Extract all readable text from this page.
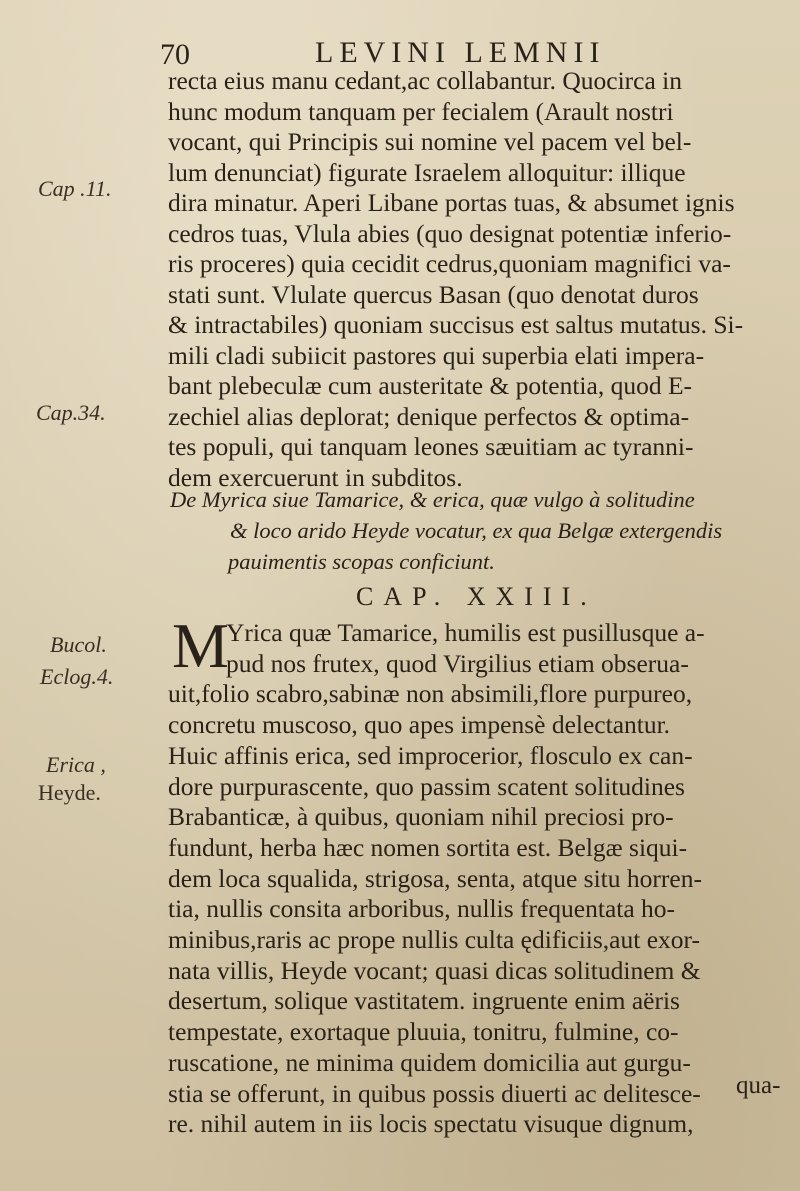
70	LEVINI LEMNII
Cap .11.
Cap.34.
Bucol.
Eclog.4.
Erica ,
Heyde.
recta eius manu cedant,ac collabantur. Quocirca in
hunc modum tanquam per fecialem (Arault nostri
vocant, qui Principis sui nomine vel pacem vel bel-
lum denunciat) figurate Israelem alloquitur: illique
dira minatur. Aperi Libane portas tuas, & absumet ignis
cedros tuas, Vlula abies (quo designat potentiæ inferio-
ris proceres) quia cecidit cedrus,quoniam magnifici va-
stati sunt. Vlulate quercus Basan (quo denotat duros
& intractabiles) quoniam succisus est saltus mutatus. Si-
mili cladi subiicit pastores qui superbia elati impera-
bant plebeculæ cum austeritate & potentia, quod E-
zechiel alias deplorat; denique perfectos & optima-
tes populi, qui tanquam leones sæuitiam ac tyranni-
dem exercuerunt in subditos.
De Myrica siue Tamarice, & erica, quæ vulgo à solitudine
& loco arido Heyde vocatur, ex qua Belgæ extergendis
pauimentis scopas conficiunt.
CAP. XXIII.
M
Yrica quæ Tamarice, humilis est pusillusque a-
pud nos frutex, quod Virgilius etiam obserua-
uit,folio scabro,sabinæ non absimili,flore purpureo,
concretu muscoso, quo apes impensè delectantur.
Huic affinis erica, sed improcerior, flosculo ex can-
dore purpurascente, quo passim scatent solitudines
Brabanticæ, à quibus, quoniam nihil preciosi pro-
fundunt, herba hæc nomen sortita est. Belgæ siqui-
dem loca squalida, strigosa, senta, atque situ horren-
tia, nullis consita arboribus, nullis frequentata ho-
minibus,raris ac prope nullis culta ędificiis,aut exor-
nata villis, Heyde vocant; quasi dicas solitudinem &
desertum, solique vastitatem. ingruente enim aëris
tempestate, exortaque pluuia, tonitru, fulmine, co-
ruscatione, ne minima quidem domicilia aut gurgu-
stia se offerunt, in quibus possis diuerti ac delitesce-
re. nihil autem in iis locis spectatu visuque dignum,
qua-
